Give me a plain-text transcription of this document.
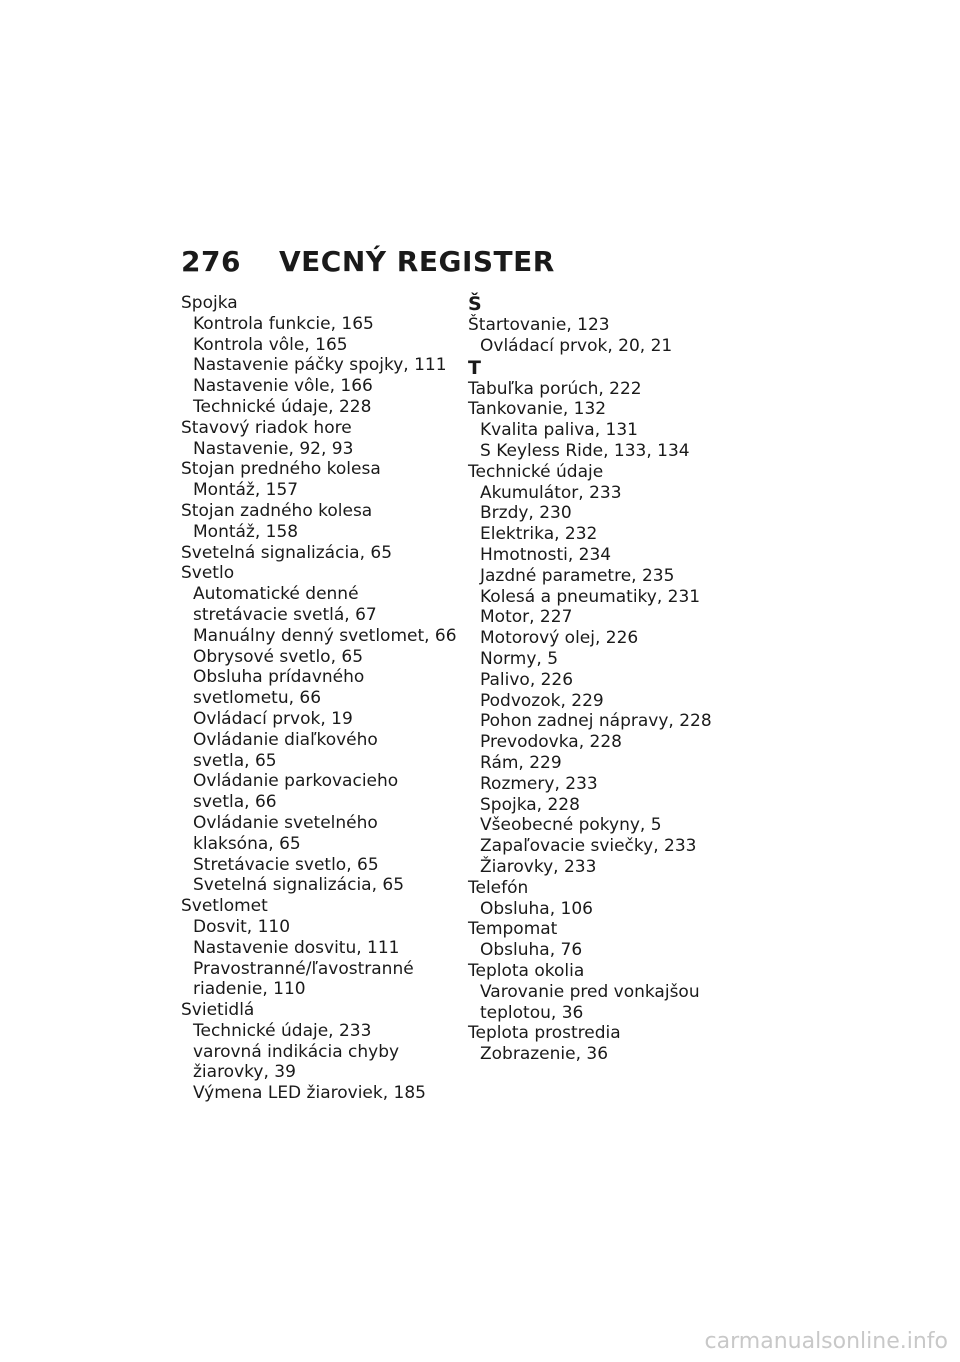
276 VECNÝ REGISTER
Spojka
Kontrola funkcie, 165
Kontrola vôle, 165
Nastavenie páčky spojky, 111
Nastavenie vôle, 166
Technické údaje, 228
Stavový riadok hore
Nastavenie, 92, 93
Stojan predného kolesa
Montáž, 157
Stojan zadného kolesa
Montáž, 158
Svetelná signalizácia, 65
Svetlo
Automatické denné
stretávacie svetlá, 67
Manuálny denný svetlomet, 66
Obrysové svetlo, 65
Obsluha prídavného
svetlometu, 66
Ovládací prvok, 19
Ovládanie diaľkového
svetla, 65
Ovládanie parkovacieho
svetla, 66
Ovládanie svetelného
klaksóna, 65
Stretávacie svetlo, 65
Svetelná signalizácia, 65
Svetlomet
Dosvit, 110
Nastavenie dosvitu, 111
Pravostranné/ľavostranné
riadenie, 110
Svietidlá
Technické údaje, 233
varovná indikácia chyby
žiarovky, 39
Výmena LED žiaroviek, 185
Š
Štartovanie, 123
Ovládací prvok, 20, 21
T
Tabuľka porúch, 222
Tankovanie, 132
Kvalita paliva, 131
S Keyless Ride, 133, 134
Technické údaje
Akumulátor, 233
Brzdy, 230
Elektrika, 232
Hmotnosti, 234
Jazdné parametre, 235
Kolesá a pneumatiky, 231
Motor, 227
Motorový olej, 226
Normy, 5
Palivo, 226
Podvozok, 229
Pohon zadnej nápravy, 228
Prevodovka, 228
Rám, 229
Rozmery, 233
Spojka, 228
Všeobecné pokyny, 5
Zapaľovacie sviečky, 233
Žiarovky, 233
Telefón
Obsluha, 106
Tempomat
Obsluha, 76
Teplota okolia
Varovanie pred vonkajšou
teplotou, 36
Teplota prostredia
Zobrazenie, 36
carmanualsonline.info
